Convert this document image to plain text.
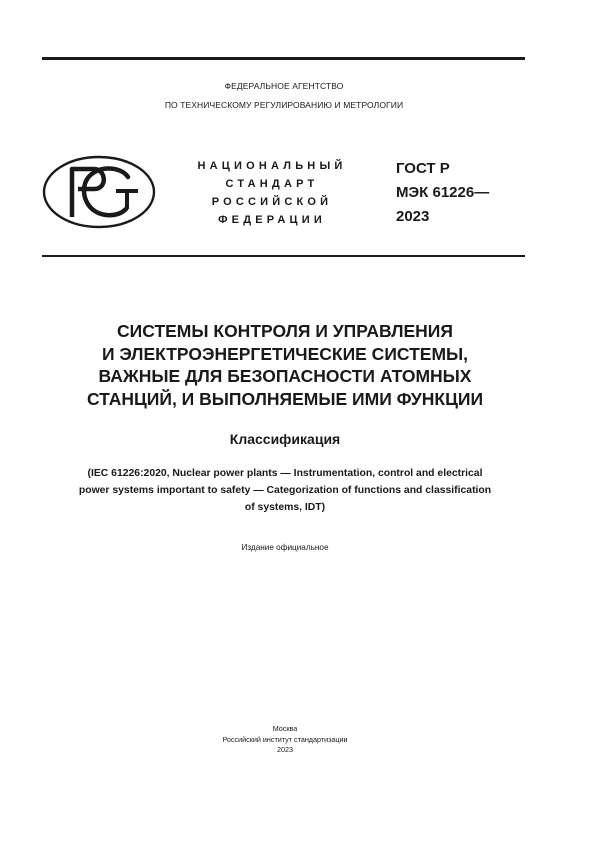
ФЕДЕРАЛЬНОЕ АГЕНТСТВО
ПО ТЕХНИЧЕСКОМУ РЕГУЛИРОВАНИЮ И МЕТРОЛОГИИ
НАЦИОНАЛЬНЫЙ
СТАНДАРТ
РОССИЙСКОЙ
ФЕДЕРАЦИИ
ГОСТ Р
МЭК 61226—
2023
СИСТЕМЫ КОНТРОЛЯ И УПРАВЛЕНИЯ
И ЭЛЕКТРОЭНЕРГЕТИЧЕСКИЕ СИСТЕМЫ,
ВАЖНЫЕ ДЛЯ БЕЗОПАСНОСТИ АТОМНЫХ
СТАНЦИЙ, И ВЫПОЛНЯЕМЫЕ ИМИ ФУНКЦИИ
Классификация
(IEC 61226:2020, Nuclear power plants — Instrumentation, control and electrical
power systems important to safety — Categorization of functions and classification
of systems, IDT)
Издание официальное
Москва
Российский институт стандартизации
2023
